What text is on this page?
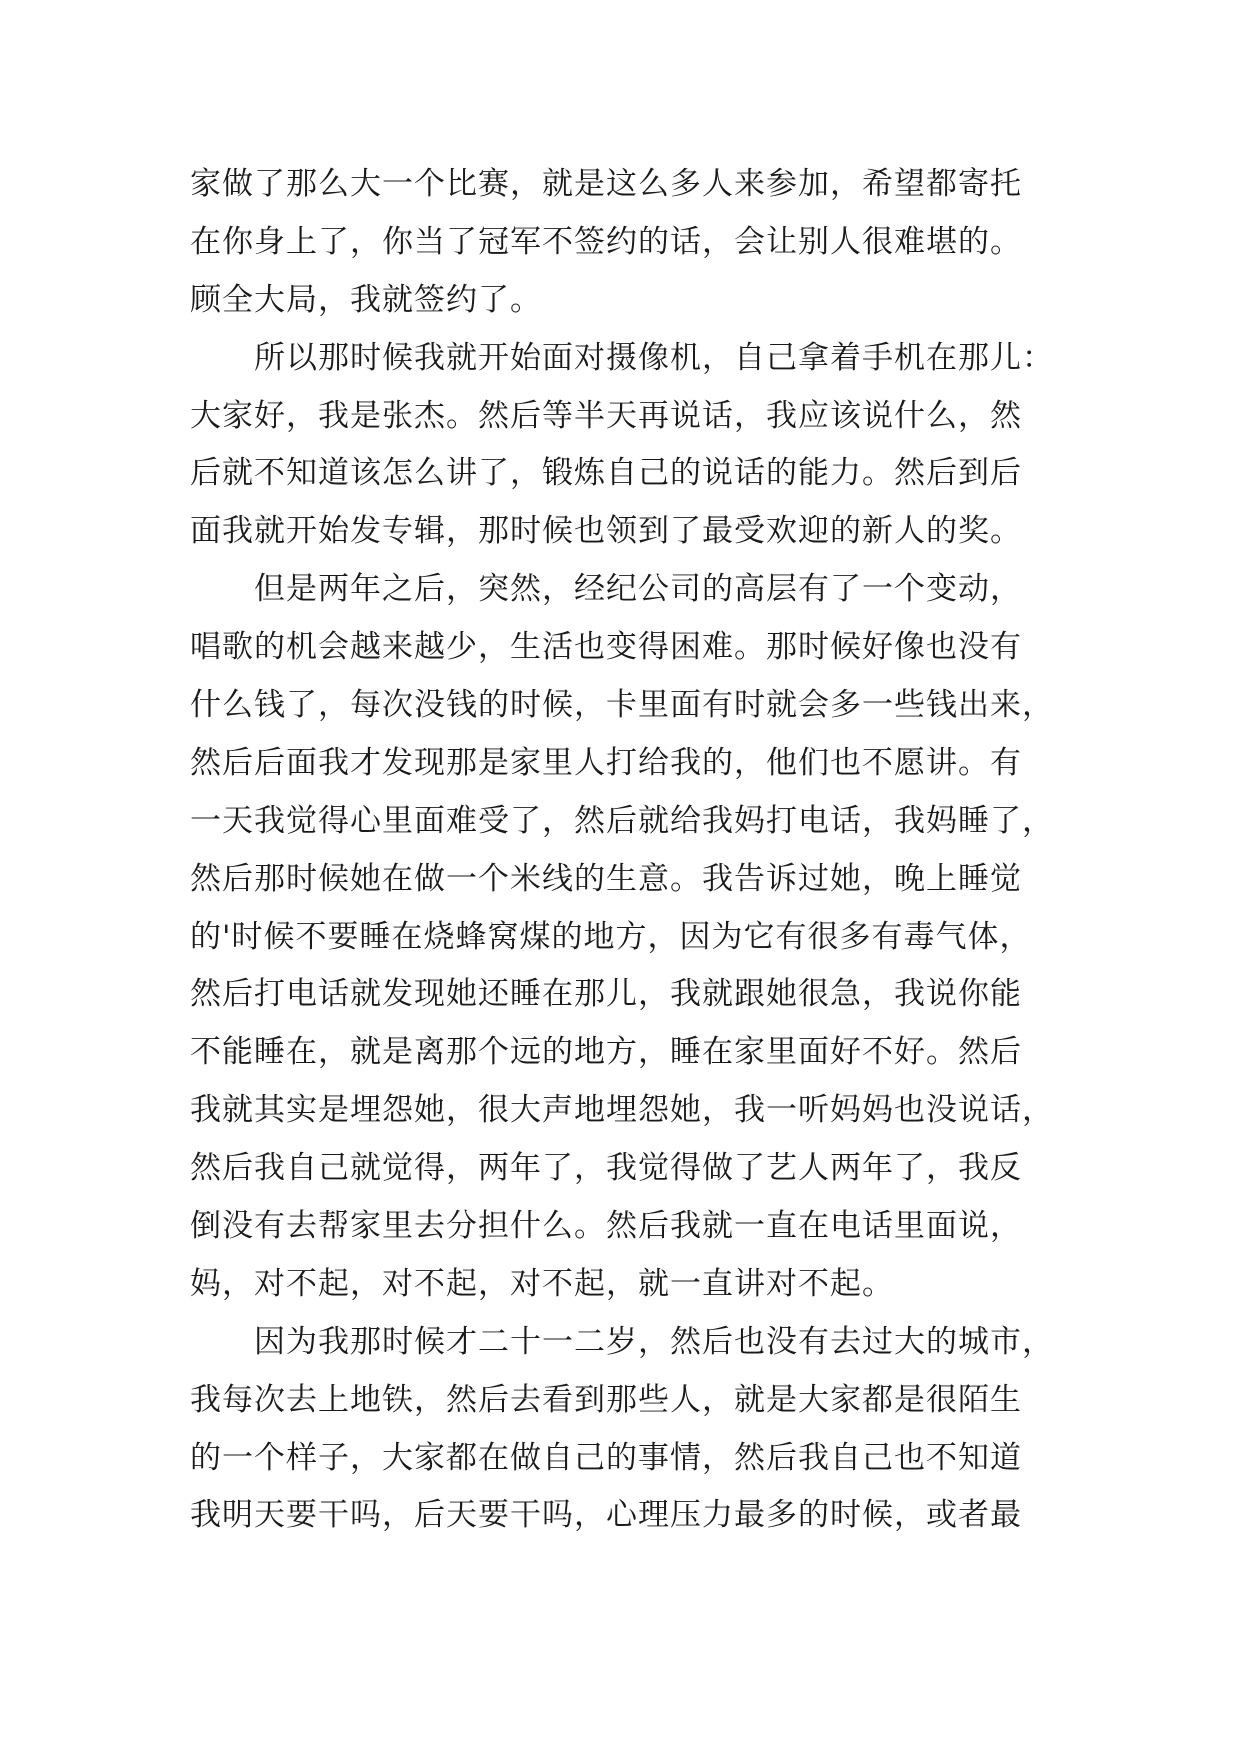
家做了那么大一个比赛，就是这么多人来参加，希望都寄托
在你身上了，你当了冠军不签约的话，会让别人很难堪的。
顾全大局，我就签约了。
所以那时候我就开始面对摄像机，自己拿着手机在那儿：
大家好，我是张杰。然后等半天再说话，我应该说什么，然
后就不知道该怎么讲了，锻炼自己的说话的能力。然后到后
面我就开始发专辑，那时候也领到了最受欢迎的新人的奖。
但是两年之后，突然，经纪公司的高层有了一个变动，
唱歌的机会越来越少，生活也变得困难。那时候好像也没有
什么钱了，每次没钱的时候，卡里面有时就会多一些钱出来，
然后后面我才发现那是家里人打给我的，他们也不愿讲。有
一天我觉得心里面难受了，然后就给我妈打电话，我妈睡了，
然后那时候她在做一个米线的生意。我告诉过她，晚上睡觉
的'时候不要睡在烧蜂窝煤的地方，因为它有很多有毒气体，
然后打电话就发现她还睡在那儿，我就跟她很急，我说你能
不能睡在，就是离那个远的地方，睡在家里面好不好。然后
我就其实是埋怨她，很大声地埋怨她，我一听妈妈也没说话，
然后我自己就觉得，两年了，我觉得做了艺人两年了，我反
倒没有去帮家里去分担什么。然后我就一直在电话里面说，
妈，对不起，对不起，对不起，就一直讲对不起。
因为我那时候才二十一二岁，然后也没有去过大的城市，
我每次去上地铁，然后去看到那些人，就是大家都是很陌生
的一个样子，大家都在做自己的事情，然后我自己也不知道
我明天要干吗，后天要干吗，心理压力最多的时候，或者最
